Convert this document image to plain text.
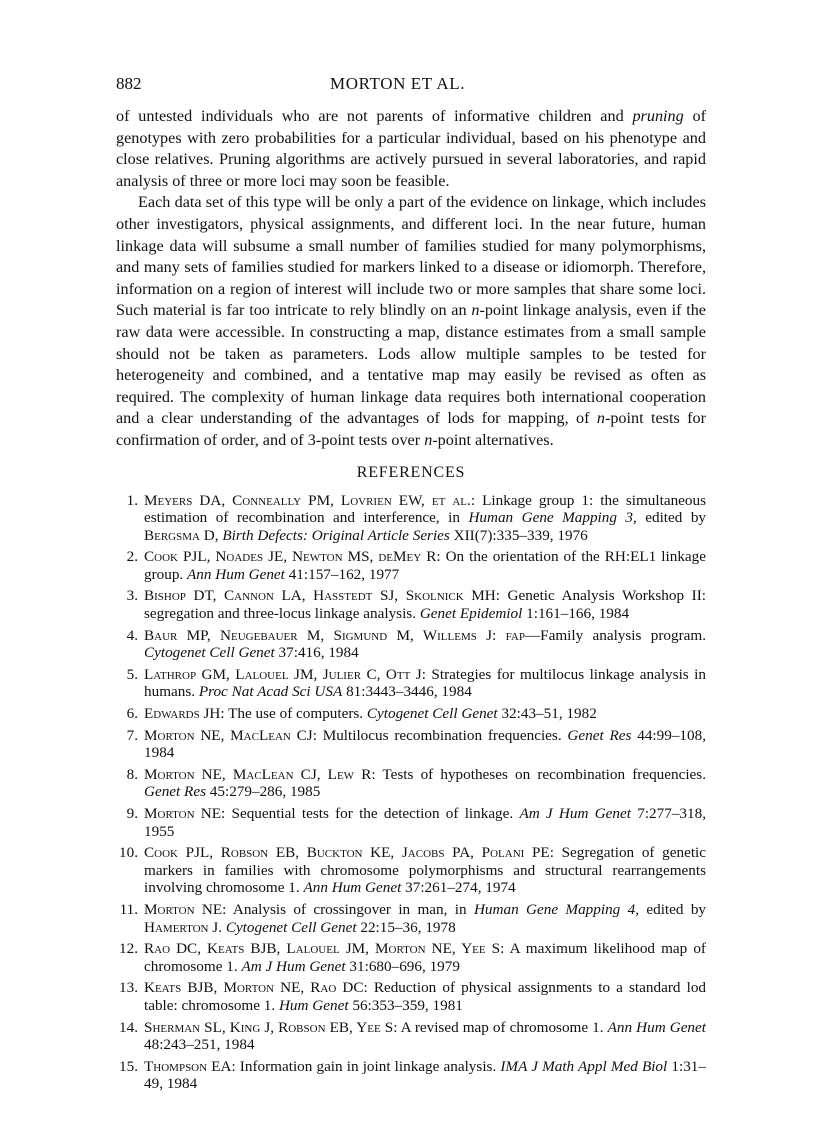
882	MORTON ET AL.

of untested individuals who are not parents of informative children and pruning of genotypes with zero probabilities for a particular individual, based on his phenotype and close relatives. Pruning algorithms are actively pursued in several laboratories, and rapid analysis of three or more loci may soon be feasible.

Each data set of this type will be only a part of the evidence on linkage, which includes other investigators, physical assignments, and different loci. In the near future, human linkage data will subsume a small number of families studied for many polymorphisms, and many sets of families studied for markers linked to a disease or idiomorph. Therefore, information on a region of interest will include two or more samples that share some loci. Such material is far too intricate to rely blindly on an n-point linkage analysis, even if the raw data were accessible. In constructing a map, distance estimates from a small sample should not be taken as parameters. Lods allow multiple samples to be tested for heterogeneity and combined, and a tentative map may easily be revised as often as required. The complexity of human linkage data requires both international cooperation and a clear understanding of the advantages of lods for mapping, of n-point tests for confirmation of order, and of 3-point tests over n-point alternatives.

REFERENCES
1. Meyers DA, Conneally PM, Lovrien EW, et al.: Linkage group 1: the simultaneous estimation of recombination and interference, in Human Gene Mapping 3, edited by Bergsma D, Birth Defects: Original Article Series XII(7):335–339, 1976
2. Cook PJL, Noades JE, Newton MS, deMey R: On the orientation of the RH:EL1 linkage group. Ann Hum Genet 41:157–162, 1977
3. Bishop DT, Cannon LA, Hasstedt SJ, Skolnick MH: Genetic Analysis Workshop II: segregation and three-locus linkage analysis. Genet Epidemiol 1:161–166, 1984
4. Baur MP, Neugebauer M, Sigmund M, Willems J: fap—Family analysis program. Cytogenet Cell Genet 37:416, 1984
5. Lathrop GM, Lalouel JM, Julier C, Ott J: Strategies for multilocus linkage analysis in humans. Proc Nat Acad Sci USA 81:3443–3446, 1984
6. Edwards JH: The use of computers. Cytogenet Cell Genet 32:43–51, 1982
7. Morton NE, MacLean CJ: Multilocus recombination frequencies. Genet Res 44:99–108, 1984
8. Morton NE, MacLean CJ, Lew R: Tests of hypotheses on recombination frequencies. Genet Res 45:279–286, 1985
9. Morton NE: Sequential tests for the detection of linkage. Am J Hum Genet 7:277–318, 1955
10. Cook PJL, Robson EB, Buckton KE, Jacobs PA, Polani PE: Segregation of genetic markers in families with chromosome polymorphisms and structural rearrangements involving chromosome 1. Ann Hum Genet 37:261–274, 1974
11. Morton NE: Analysis of crossingover in man, in Human Gene Mapping 4, edited by Hamerton J. Cytogenet Cell Genet 22:15–36, 1978
12. Rao DC, Keats BJB, Lalouel JM, Morton NE, Yee S: A maximum likelihood map of chromosome 1. Am J Hum Genet 31:680–696, 1979
13. Keats BJB, Morton NE, Rao DC: Reduction of physical assignments to a standard lod table: chromosome 1. Hum Genet 56:353–359, 1981
14. Sherman SL, King J, Robson EB, Yee S: A revised map of chromosome 1. Ann Hum Genet 48:243–251, 1984
15. Thompson EA: Information gain in joint linkage analysis. IMA J Math Appl Med Biol 1:31–49, 1984
